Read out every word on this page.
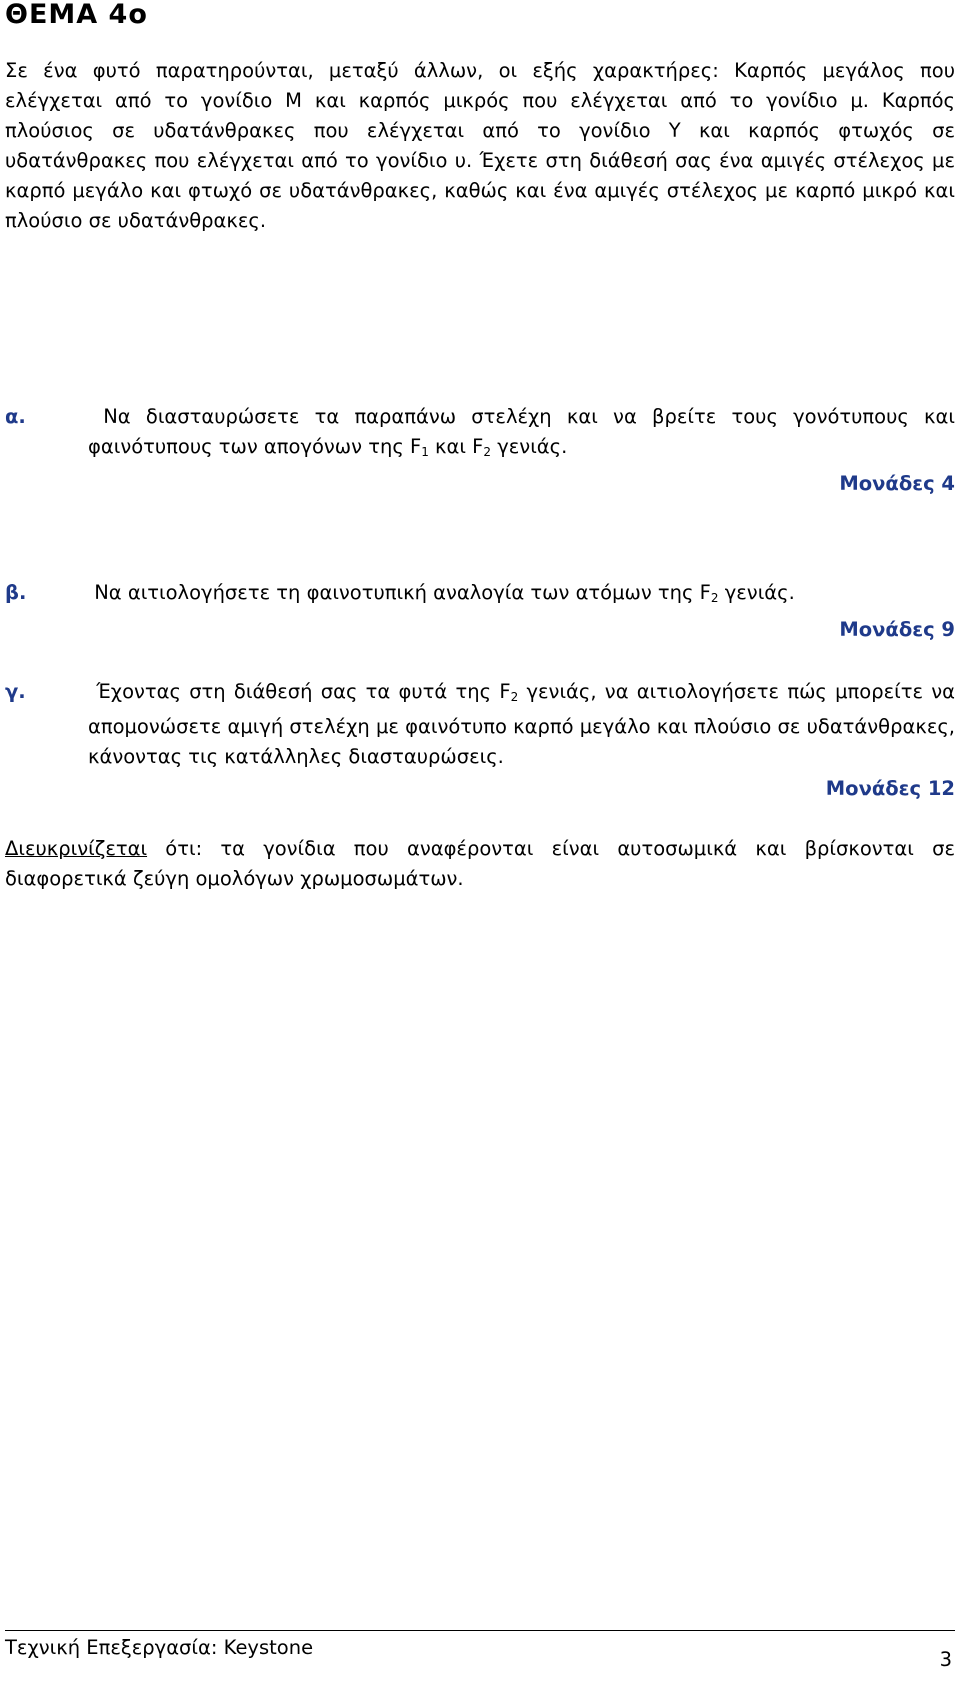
ΘΕΜΑ 4ο

Σε ένα φυτό παρατηρούνται, μεταξύ άλλων, οι εξής χαρακτήρες: Καρπός μεγάλος που ελέγχεται από το γονίδιο Μ και καρπός μικρός που ελέγχεται από το γονίδιο μ. Καρπός πλούσιος σε υδατάνθρακες που ελέγχεται από το γονίδιο Υ και καρπός φτωχός σε υδατάνθρακες που ελέγχεται από το γονίδιο υ. Έχετε στη διάθεσή σας ένα αμιγές στέλεχος με καρπό μεγάλο και φτωχό σε υδατάνθρακες, καθώς και ένα αμιγές στέλεχος με καρπό μικρό και πλούσιο σε υδατάνθρακες.

α.	Να διασταυρώσετε τα παραπάνω στελέχη και να βρείτε τους γονότυπους και φαινότυπους των απογόνων της $F_1$ και $F_2$ γενιάς.

Μονάδες 4

β.	Να αιτιολογήσετε τη φαινοτυπική αναλογία των ατόμων της $F_2$ γενιάς.

Μονάδες 9

γ.	Έχοντας στη διάθεσή σας τα φυτά της $F_2$ γενιάς, να αιτιολογήσετε πώς μπορείτε να απομονώσετε αμιγή στελέχη με φαινότυπο καρπό μεγάλο και πλούσιο σε υδατάνθρακες, κάνοντας τις κατάλληλες διασταυρώσεις.

Μονάδες 12

Διευκρινίζεται ότι: τα γονίδια που αναφέρονται είναι αυτοσωμικά και βρίσκονται σε διαφορετικά ζεύγη ομολόγων χρωμοσωμάτων.

Τεχνική Επεξεργασία: Keystone

3
